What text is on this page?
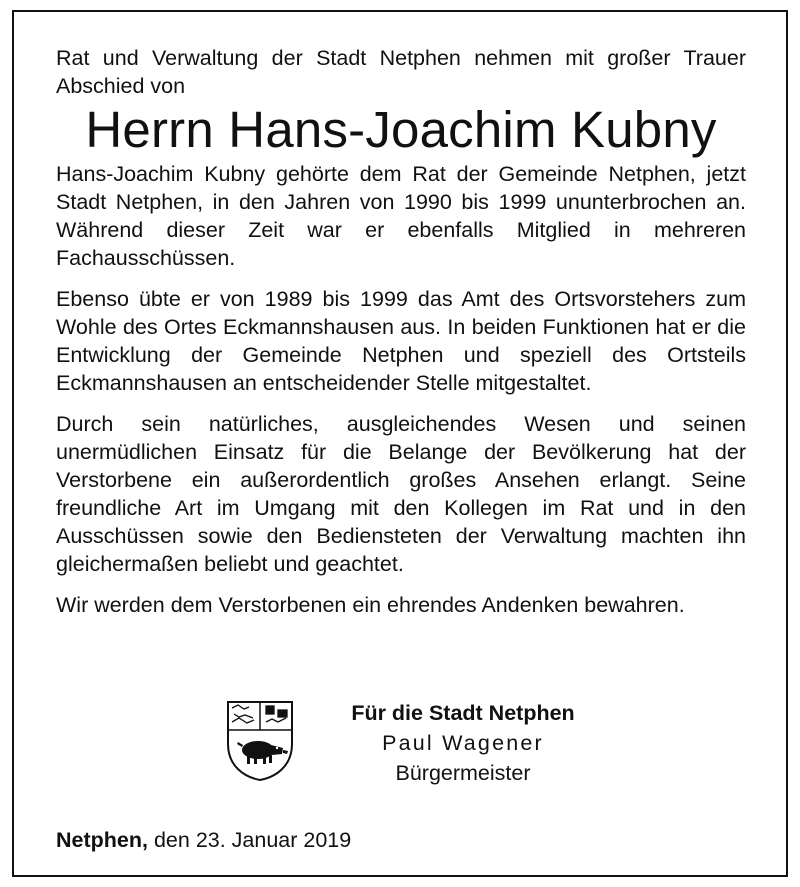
Rat und Verwaltung der Stadt Netphen nehmen mit großer Trauer Abschied von

Herrn Hans-Joachim Kubny

Hans-Joachim Kubny gehörte dem Rat der Gemeinde Netphen, jetzt Stadt Netphen, in den Jahren von 1990 bis 1999 ununterbrochen an. Während dieser Zeit war er ebenfalls Mitglied in mehreren Fachausschüssen.

Ebenso übte er von 1989 bis 1999 das Amt des Ortsvorstehers zum Wohle des Ortes Eckmannshausen aus. In beiden Funktionen hat er die Entwicklung der Gemeinde Netphen und speziell des Ortsteils Eckmannshausen an entscheidender Stelle mitgestaltet.

Durch sein natürliches, ausgleichendes Wesen und seinen unermüdlichen Einsatz für die Belange der Bevölkerung hat der Verstorbene ein außerordentlich großes Ansehen erlangt. Seine freundliche Art im Umgang mit den Kollegen im Rat und in den Ausschüssen sowie den Bediensteten der Verwaltung machten ihn gleichermaßen beliebt und geachtet.

Wir werden dem Verstorbenen ein ehrendes Andenken bewahren.

Für die Stadt Netphen
Paul Wagener
Bürgermeister
Netphen, den 23. Januar 2019
